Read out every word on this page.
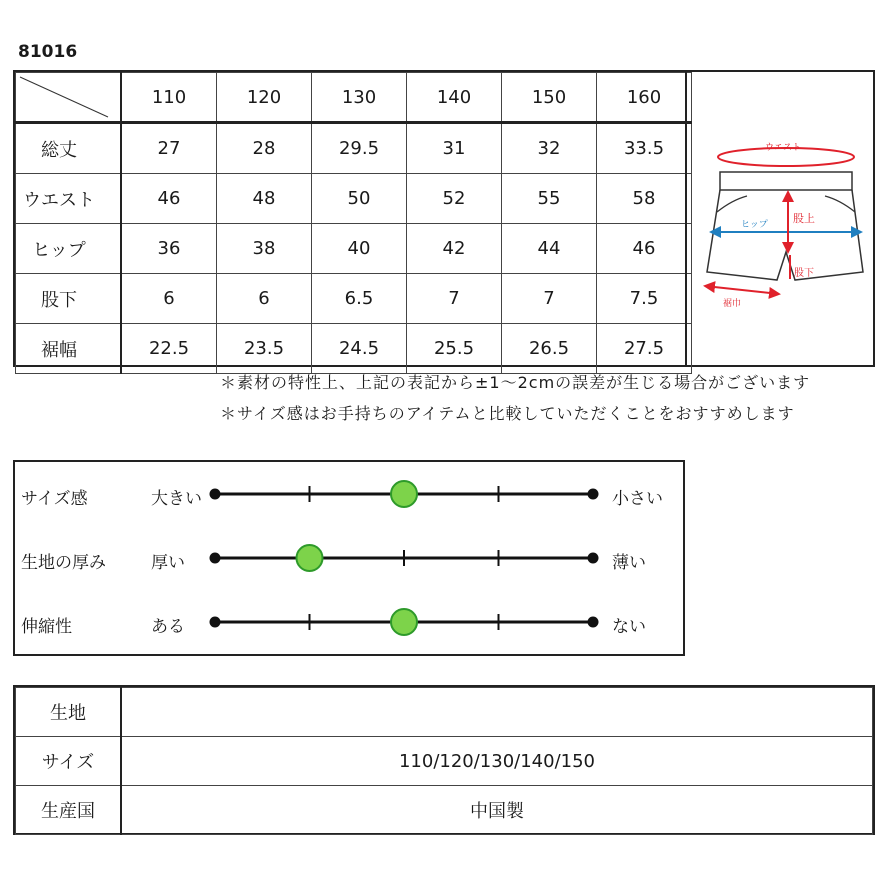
81016
	110	120	130	140	150	160

総丈	27	28	29.5	31	32	33.5

ウエスト	46	48	50	52	55	58

ヒップ	36	38	40	42	44	46

股下	6	6	6.5	7	7	7.5

裾幅	22.5	23.5	24.5	25.5	26.5	27.5
ウエスト
ヒップ 股上
股下
裾巾
＊素材の特性上、上記の表記から±1〜2cmの誤差が生じる場合がございます
＊サイズ感はお手持ちのアイテムと比較していただくことをおすすめします
サイズ感	大きい	小さい
生地の厚み	厚い	薄い
伸縮性	ある	ない
生地	
サイズ	110/120/130/140/150
生産国	中国製
